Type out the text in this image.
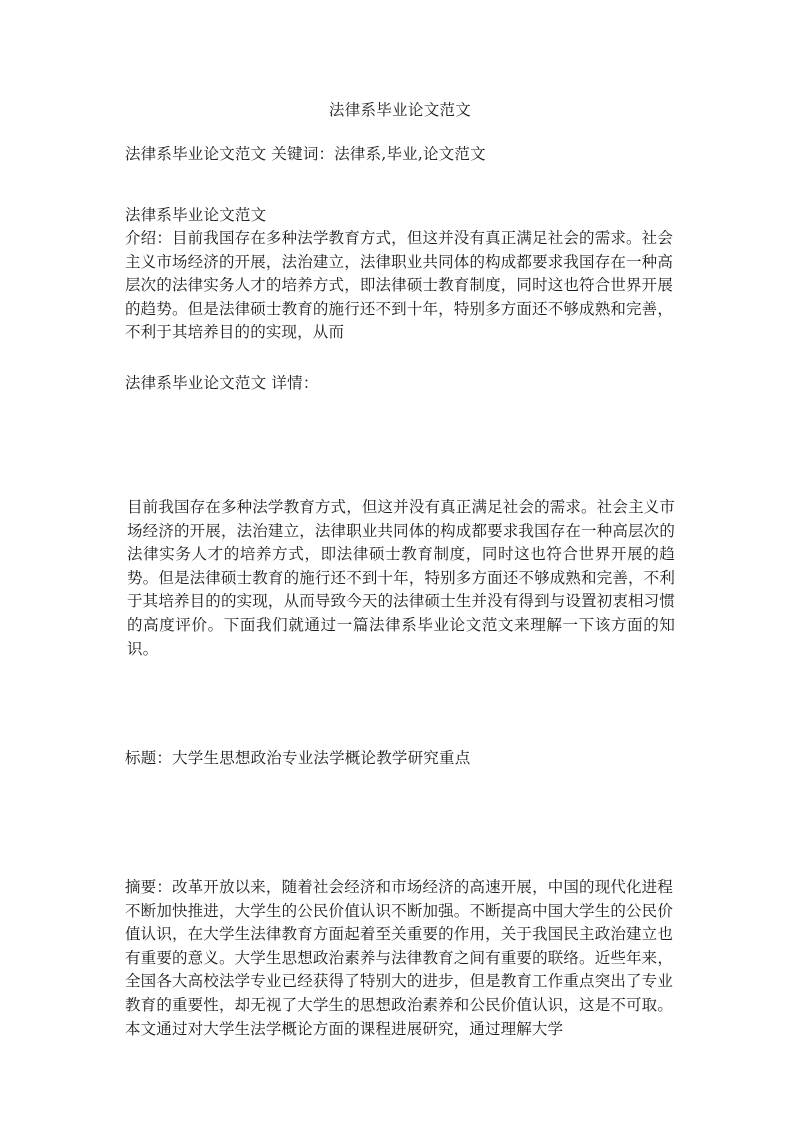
法律系毕业论文范文
法律系毕业论文范文 关键词：法律系,毕业,论文范文
法律系毕业论文范文
介绍：目前我国存在多种法学教育方式，但这并没有真正满足社会的需求。社会主义市场经济的开展，法治建立，法律职业共同体的构成都要求我国存在一种高层次的法律实务人才的培养方式，即法律硕士教育制度，同时这也符合世界开展的趋势。但是法律硕士教育的施行还不到十年，特别多方面还不够成熟和完善，不利于其培养目的的实现，从而
法律系毕业论文范文 详情：
目前我国存在多种法学教育方式，但这并没有真正满足社会的需求。社会主义市场经济的开展，法治建立，法律职业共同体的构成都要求我国存在一种高层次的法律实务人才的培养方式，即法律硕士教育制度，同时这也符合世界开展的趋势。但是法律硕士教育的施行还不到十年，特别多方面还不够成熟和完善，不利于其培养目的的实现，从而导致今天的法律硕士生并没有得到与设置初衷相习惯的高度评价。下面我们就通过一篇法律系毕业论文范文来理解一下该方面的知识。
标题：大学生思想政治专业法学概论教学研究重点
摘要：改革开放以来，随着社会经济和市场经济的高速开展，中国的现代化进程不断加快推进，大学生的公民价值认识不断加强。不断提高中国大学生的公民价值认识，在大学生法律教育方面起着至关重要的作用，关于我国民主政治建立也有重要的意义。大学生思想政治素养与法律教育之间有重要的联络。近些年来，全国各大高校法学专业已经获得了特别大的进步，但是教育工作重点突出了专业教育的重要性，却无视了大学生的思想政治素养和公民价值认识，这是不可取。本文通过对大学生法学概论方面的课程进展研究，通过理解大学
